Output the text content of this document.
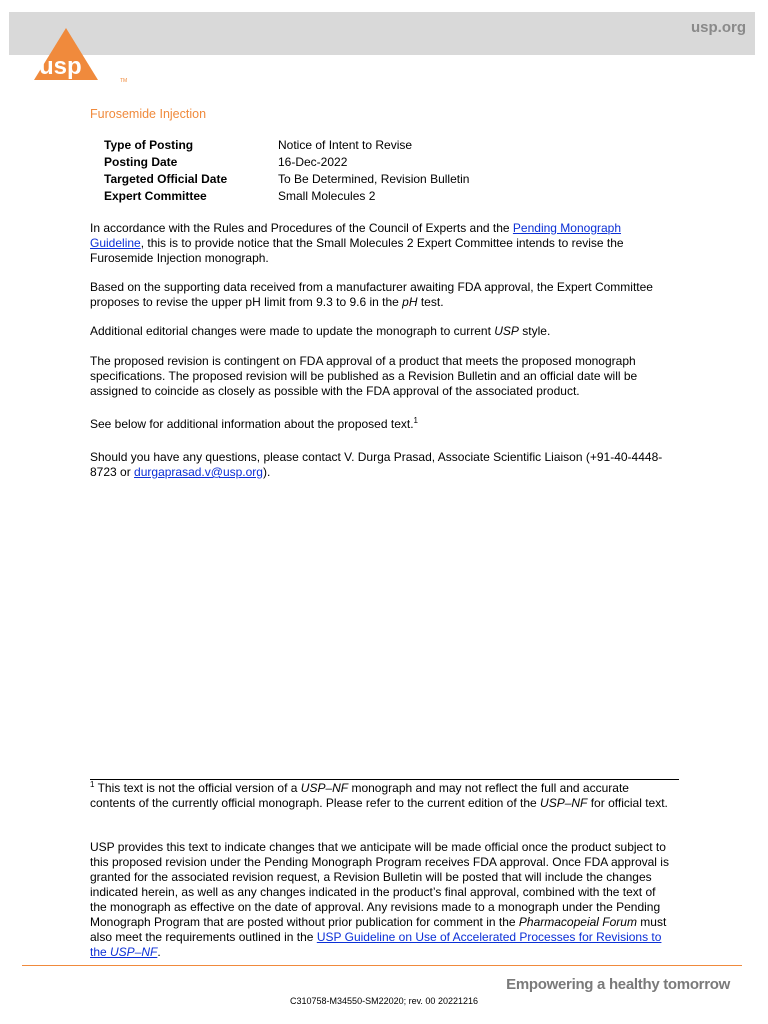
usp.org
usp
TM
Furosemide Injection
Type of Posting	Notice of Intent to Revise
Posting Date	16-Dec-2022
Targeted Official Date	To Be Determined, Revision Bulletin
Expert Committee	Small Molecules 2

In accordance with the Rules and Procedures of the Council of Experts and the Pending Monograph Guideline, this is to provide notice that the Small Molecules 2 Expert Committee intends to revise the Furosemide Injection monograph.

Based on the supporting data received from a manufacturer awaiting FDA approval, the Expert Committee proposes to revise the upper pH limit from 9.3 to 9.6 in the pH test.

Additional editorial changes were made to update the monograph to current USP style.

The proposed revision is contingent on FDA approval of a product that meets the proposed monograph specifications. The proposed revision will be published as a Revision Bulletin and an official date will be assigned to coincide as closely as possible with the FDA approval of the associated product.

See below for additional information about the proposed text.$^1$

Should you have any questions, please contact V. Durga Prasad, Associate Scientific Liaison (+91-40-4448-8723 or durgaprasad.v@usp.org).

$^1$ This text is not the official version of a USP–NF monograph and may not reflect the full and accurate contents of the currently official monograph. Please refer to the current edition of the USP–NF for official text.
USP provides this text to indicate changes that we anticipate will be made official once the product subject to this proposed revision under the Pending Monograph Program receives FDA approval. Once FDA approval is granted for the associated revision request, a Revision Bulletin will be posted that will include the changes indicated herein, as well as any changes indicated in the product’s final approval, combined with the text of the monograph as effective on the date of approval. Any revisions made to a monograph under the Pending Monograph Program that are posted without prior publication for comment in the Pharmacopeial Forum must also meet the requirements outlined in the USP Guideline on Use of Accelerated Processes for Revisions to the USP–NF.
Empowering a healthy tomorrow
C310758-M34550-SM22020; rev. 00 20221216
